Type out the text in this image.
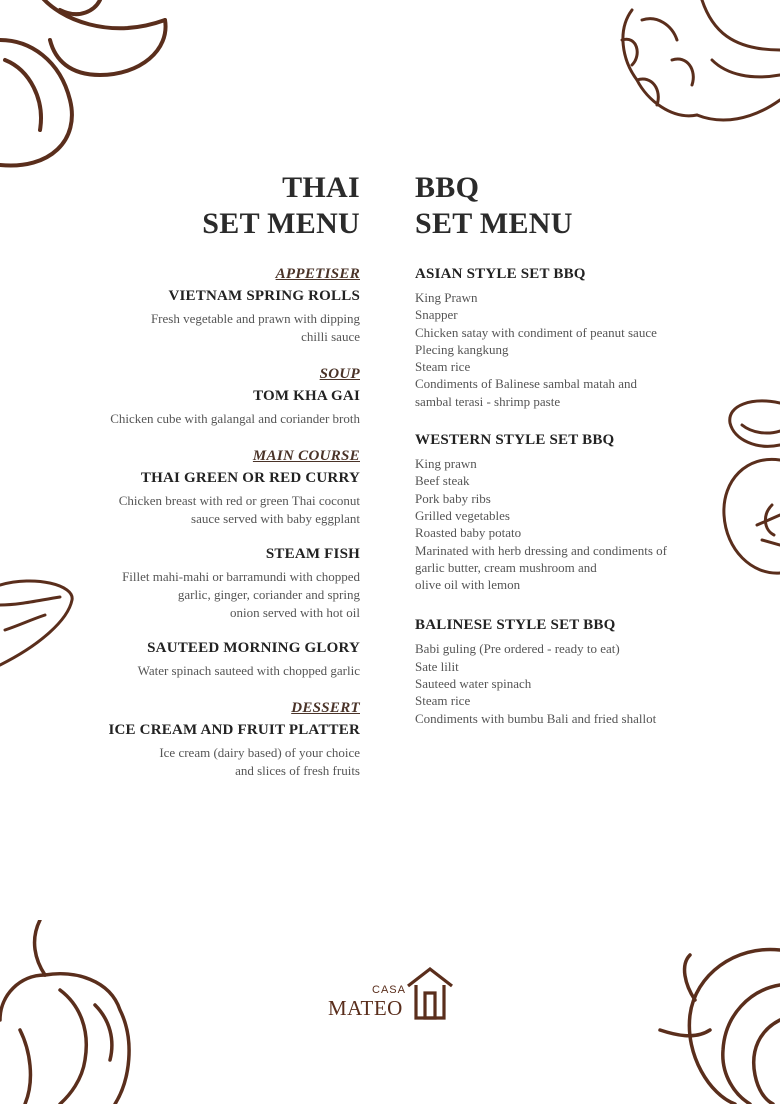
THAI
SET MENU
APPETISER
VIETNAM SPRING ROLLS
Fresh vegetable and prawn with dipping
chilli sauce
SOUP
TOM KHA GAI
Chicken cube with galangal and coriander broth
MAIN COURSE
THAI GREEN OR RED CURRY
Chicken breast with red or green Thai coconut
sauce served with baby eggplant
STEAM FISH
Fillet mahi-mahi or barramundi with chopped
garlic, ginger, coriander and spring
onion served with hot oil
SAUTEED MORNING GLORY
Water spinach sauteed with chopped garlic
DESSERT
ICE CREAM AND FRUIT PLATTER
Ice cream (dairy based) of your choice
and slices of fresh fruits
BBQ
SET MENU
ASIAN STYLE SET BBQ
King Prawn
Snapper
Chicken satay with condiment of peanut sauce
Plecing kangkung
Steam rice
Condiments of Balinese sambal matah and
sambal terasi - shrimp paste
WESTERN STYLE SET BBQ
King prawn
Beef steak
Pork baby ribs
Grilled vegetables
Roasted baby potato
Marinated with herb dressing and condiments of
garlic butter, cream mushroom and
olive oil with lemon
BALINESE STYLE SET BBQ
Babi guling (Pre ordered - ready to eat)
Sate lilit
Sauteed water spinach
Steam rice
Condiments with bumbu Bali and fried shallot
CASA
MATEO
